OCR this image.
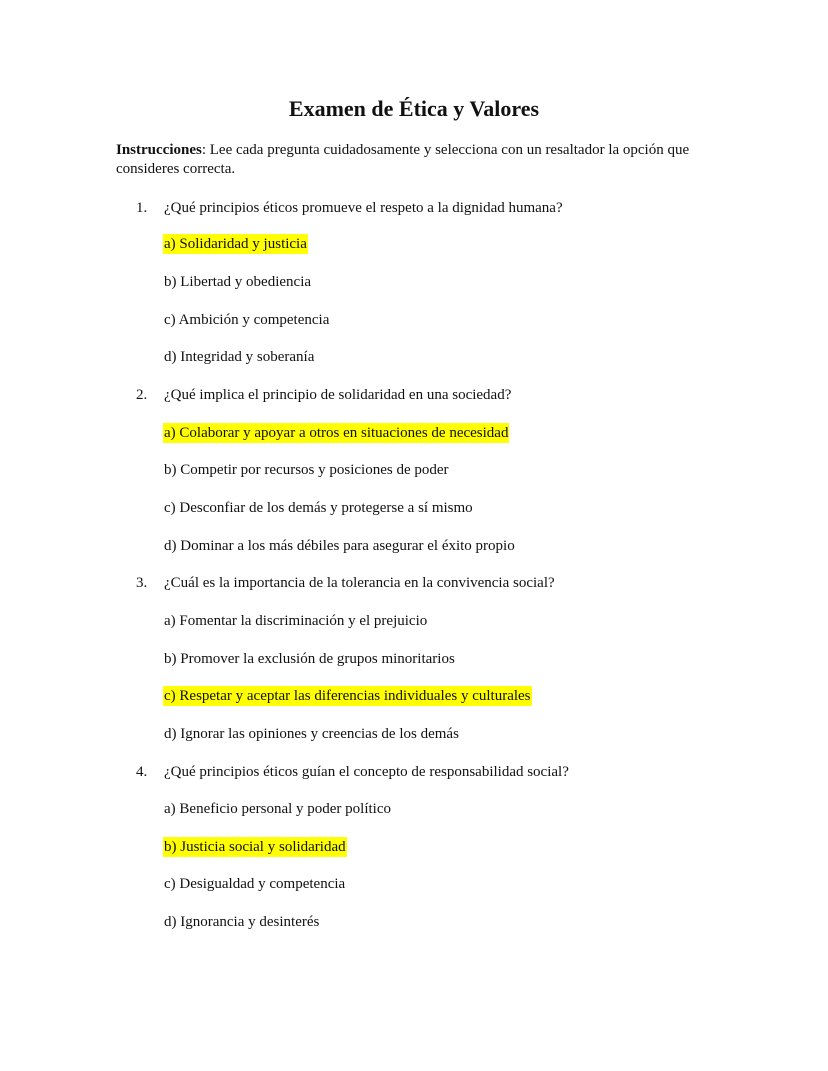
Examen de Ética y Valores
Instrucciones: Lee cada pregunta cuidadosamente y selecciona con un resaltador la opción que consideres correcta.
1. ¿Qué principios éticos promueve el respeto a la dignidad humana?
a) Solidaridad y justicia
b) Libertad y obediencia
c) Ambición y competencia
d) Integridad y soberanía
2. ¿Qué implica el principio de solidaridad en una sociedad?
a) Colaborar y apoyar a otros en situaciones de necesidad
b) Competir por recursos y posiciones de poder
c) Desconfiar de los demás y protegerse a sí mismo
d) Dominar a los más débiles para asegurar el éxito propio
3. ¿Cuál es la importancia de la tolerancia en la convivencia social?
a) Fomentar la discriminación y el prejuicio
b) Promover la exclusión de grupos minoritarios
c) Respetar y aceptar las diferencias individuales y culturales
d) Ignorar las opiniones y creencias de los demás
4. ¿Qué principios éticos guían el concepto de responsabilidad social?
a) Beneficio personal y poder político
b) Justicia social y solidaridad
c) Desigualdad y competencia
d) Ignorancia y desinterés
